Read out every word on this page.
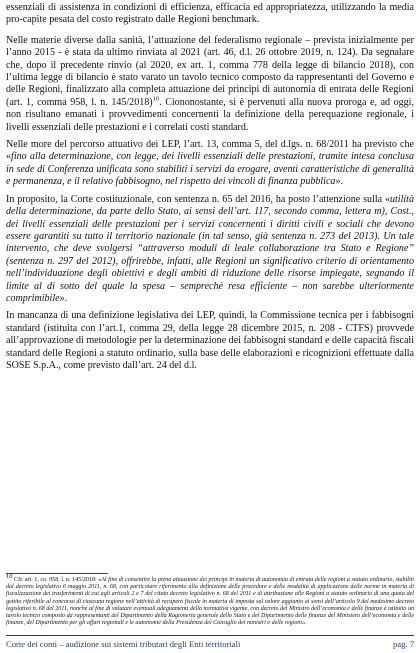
essenziali di assistenza in condizioni di efficienza, efficacia ed appropriatezza, utilizzando la media pro-capite pesata del costo registrato dalle Regioni benchmark.

Nelle materie diverse dalla sanità, l’attuazione del federalismo regionale – prevista inizialmente per l’anno 2015 - è stata da ultimo rinviata al 2021 (art. 46, d.l. 26 ottobre 2019, n. 124). Da segnalare che, dopo il precedente rinvio (al 2020, ex art. 1, comma 778 della legge di bilancio 2018), con l’ultima legge di bilancio è stato varato un tavolo tecnico composto da rappresentanti del Governo e delle Regioni, finalizzato alla completa attuazione dei principi di autonomia di entrata delle Regioni (art. 1, comma 958, l. n. 145/2018)$^{10}$. Ciononostante, si è pervenuti alla nuova proroga e, ad oggi, non risultano emanati i provvedimenti concernenti la definizione della perequazione regionale, i livelli essenziali delle prestazioni e i correlati costi standard.

Nelle more del percorso attuativo dei LEP, l’art. 13, comma 5, del d.lgs. n. 68/2011 ha previsto che «fino alla determinazione, con legge, dei livelli essenziali delle prestazioni, tramite intesa conclusa in sede di Conferenza unificata sono stabiliti i servizi da erogare, aventi caratteristiche di generalità e permanenza, e il relativo fabbisogno, nel rispetto dei vincoli di finanza pubblica».

In proposito, la Corte costituzionale, con sentenza n. 65 del 2016, ha posto l’attenzione sulla «utilità della determinazione, da parte dello Stato, ai sensi dell’art. 117, secondo comma, lettera m), Cost., dei livelli essenziali delle prestazioni per i servizi concernenti i diritti civili e sociali che devono essere garantiti su tutto il territorio nazionale (in tal senso, già sentenza n. 273 del 2013). Un tale intervento, che deve svolgersi “attraverso moduli di leale collaborazione tra Stato e Regione” (sentenza n. 297 del 2012), offrirebbe, infatti, alle Regioni un significativo criterio di orientamento nell’individuazione degli obiettivi e degli ambiti di riduzione delle risorse impiegate, segnando il limite al di sotto del quale la spesa – sempreché resa efficiente – non sarebbe ulteriormente comprimibile».

In mancanza di una definizione legislativa dei LEP, quindi, la Commissione tecnica per i fabbisogni standard (istituita con l’art.1, comma 29, della legge 28 dicembre 2015, n. 208 - CTFS) provvede all’approvazione di metodologie per la determinazione dei fabbisogni standard e delle capacità fiscali standard delle Regioni a statuto ordinario, sulla base delle elaborazioni e ricognizioni effettuate dalla SOSE S.p.A., come previsto dall’art. 24 del d.l.

$^{10}$ Cfr. art. 1, co. 958, l. n. 145/2018: «Al fine di consentire la piena attuazione dei principi in materia di autonomia di entrata delle regioni a statuto ordinario, stabiliti dal decreto legislativo 6 maggio 2011, n. 68, con particolare riferimento alla definizione delle procedure e delle modalità di applicazione delle norme in materia di fiscalizzazione dei trasferimenti di cui agli articoli 2 e 7 del citato decreto legislativo n. 68 del 2011 e di attribuzione alle Regioni a statuto ordinario di una quota del gettito riferibile al concorso di ciascuna regione nell’attività di recupero fiscale in materia di imposta sul valore aggiunto ai sensi dell’articolo 9 del medesimo decreto legislativo n. 68 del 2011, nonché al fine di valutare eventuali adeguamenti della normativa vigente, con decreto del Ministro dell’economia e delle finanze è istituito un tavolo tecnico composto da rappresentanti del Dipartimento della Ragioneria generale dello Stato e del Dipartimento delle finanze del Ministero dell’economia e delle finanze, del Dipartimento per gli affari regionali e le autonomie della Presidenza del Consiglio dei ministri e delle regioni».

Corte dei conti – audizione sui sistemi tributari degli Enti territoriali	pag. 7
